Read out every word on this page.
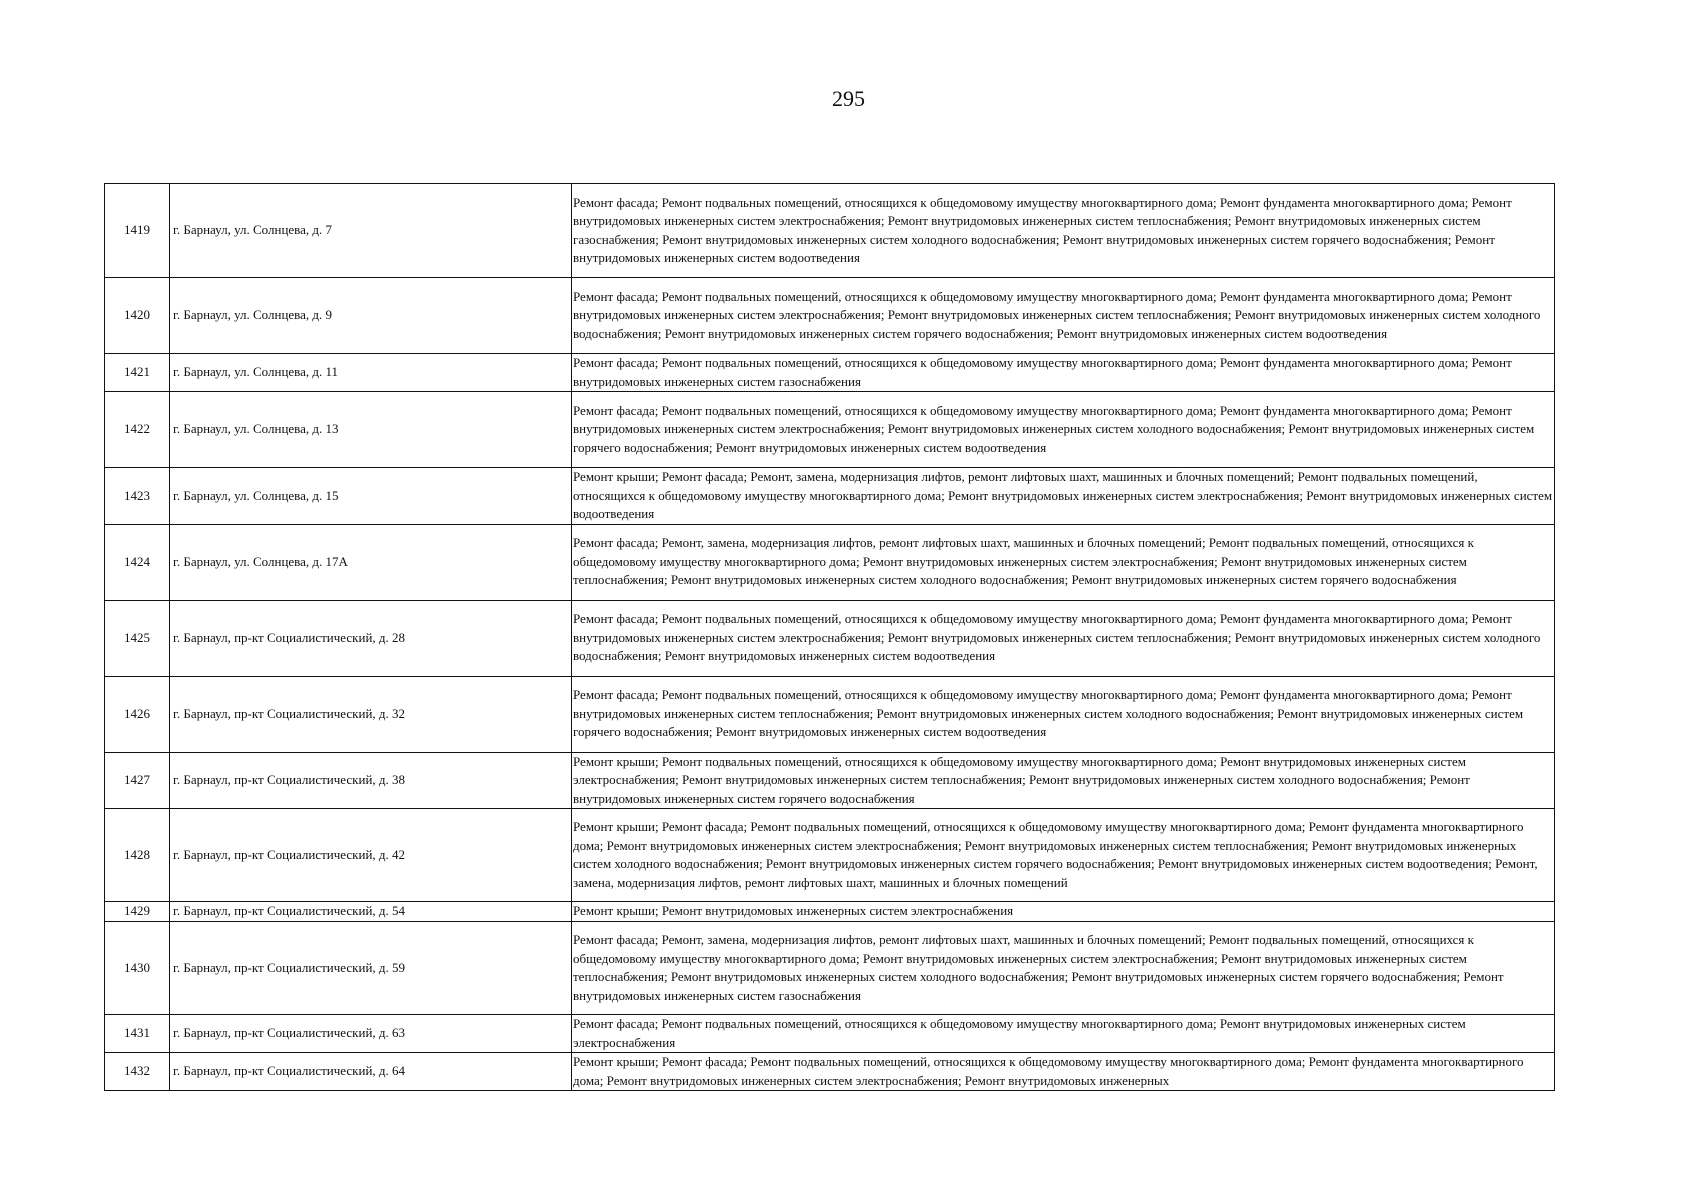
295
1419	г. Барнаул, ул. Солнцева, д. 7	Ремонт фасада; Ремонт подвальных помещений, относящихся к общедомовому имуществу многоквартирного дома; Ремонт фундамента многоквартирного дома; Ремонт внутридомовых инженерных систем электроснабжения; Ремонт внутридомовых инженерных систем теплоснабжения; Ремонт внутридомовых инженерных систем газоснабжения; Ремонт внутридомовых инженерных систем холодного водоснабжения; Ремонт внутридомовых инженерных систем горячего водоснабжения; Ремонт внутридомовых инженерных систем водоотведения
1420	г. Барнаул, ул. Солнцева, д. 9	Ремонт фасада; Ремонт подвальных помещений, относящихся к общедомовому имуществу многоквартирного дома; Ремонт фундамента многоквартирного дома; Ремонт внутридомовых инженерных систем электроснабжения; Ремонт внутридомовых инженерных систем теплоснабжения; Ремонт внутридомовых инженерных систем холодного водоснабжения; Ремонт внутридомовых инженерных систем горячего водоснабжения; Ремонт внутридомовых инженерных систем водоотведения
1421	г. Барнаул, ул. Солнцева, д. 11	Ремонт фасада; Ремонт подвальных помещений, относящихся к общедомовому имуществу многоквартирного дома; Ремонт фундамента многоквартирного дома; Ремонт внутридомовых инженерных систем газоснабжения
1422	г. Барнаул, ул. Солнцева, д. 13	Ремонт фасада; Ремонт подвальных помещений, относящихся к общедомовому имуществу многоквартирного дома; Ремонт фундамента многоквартирного дома; Ремонт внутридомовых инженерных систем электроснабжения; Ремонт внутридомовых инженерных систем холодного водоснабжения; Ремонт внутридомовых инженерных систем горячего водоснабжения; Ремонт внутридомовых инженерных систем водоотведения
1423	г. Барнаул, ул. Солнцева, д. 15	Ремонт крыши; Ремонт фасада; Ремонт, замена, модернизация лифтов, ремонт лифтовых шахт, машинных и блочных помещений; Ремонт подвальных помещений, относящихся к общедомовому имуществу многоквартирного дома; Ремонт внутридомовых инженерных систем электроснабжения; Ремонт внутридомовых инженерных систем водоотведения
1424	г. Барнаул, ул. Солнцева, д. 17А	Ремонт фасада; Ремонт, замена, модернизация лифтов, ремонт лифтовых шахт, машинных и блочных помещений; Ремонт подвальных помещений, относящихся к общедомовому имуществу многоквартирного дома; Ремонт внутридомовых инженерных систем электроснабжения; Ремонт внутридомовых инженерных систем теплоснабжения; Ремонт внутридомовых инженерных систем холодного водоснабжения; Ремонт внутридомовых инженерных систем горячего водоснабжения
1425	г. Барнаул, пр-кт Социалистический, д. 28	Ремонт фасада; Ремонт подвальных помещений, относящихся к общедомовому имуществу многоквартирного дома; Ремонт фундамента многоквартирного дома; Ремонт внутридомовых инженерных систем электроснабжения; Ремонт внутридомовых инженерных систем теплоснабжения; Ремонт внутридомовых инженерных систем холодного водоснабжения; Ремонт внутридомовых инженерных систем водоотведения
1426	г. Барнаул, пр-кт Социалистический, д. 32	Ремонт фасада; Ремонт подвальных помещений, относящихся к общедомовому имуществу многоквартирного дома; Ремонт фундамента многоквартирного дома; Ремонт внутридомовых инженерных систем теплоснабжения; Ремонт внутридомовых инженерных систем холодного водоснабжения; Ремонт внутридомовых инженерных систем горячего водоснабжения; Ремонт внутридомовых инженерных систем водоотведения
1427	г. Барнаул, пр-кт Социалистический, д. 38	Ремонт крыши; Ремонт подвальных помещений, относящихся к общедомовому имуществу многоквартирного дома; Ремонт внутридомовых инженерных систем электроснабжения; Ремонт внутридомовых инженерных систем теплоснабжения; Ремонт внутридомовых инженерных систем холодного водоснабжения; Ремонт внутридомовых инженерных систем горячего водоснабжения
1428	г. Барнаул, пр-кт Социалистический, д. 42	Ремонт крыши; Ремонт фасада; Ремонт подвальных помещений, относящихся к общедомовому имуществу многоквартирного дома; Ремонт фундамента многоквартирного дома; Ремонт внутридомовых инженерных систем электроснабжения; Ремонт внутридомовых инженерных систем теплоснабжения; Ремонт внутридомовых инженерных систем холодного водоснабжения; Ремонт внутридомовых инженерных систем горячего водоснабжения; Ремонт внутридомовых инженерных систем водоотведения; Ремонт, замена, модернизация лифтов, ремонт лифтовых шахт, машинных и блочных помещений
1429	г. Барнаул, пр-кт Социалистический, д. 54	Ремонт крыши; Ремонт внутридомовых инженерных систем электроснабжения
1430	г. Барнаул, пр-кт Социалистический, д. 59	Ремонт фасада; Ремонт, замена, модернизация лифтов, ремонт лифтовых шахт, машинных и блочных помещений; Ремонт подвальных помещений, относящихся к общедомовому имуществу многоквартирного дома; Ремонт внутридомовых инженерных систем электроснабжения; Ремонт внутридомовых инженерных систем теплоснабжения; Ремонт внутридомовых инженерных систем холодного водоснабжения; Ремонт внутридомовых инженерных систем горячего водоснабжения; Ремонт внутридомовых инженерных систем газоснабжения
1431	г. Барнаул, пр-кт Социалистический, д. 63	Ремонт фасада; Ремонт подвальных помещений, относящихся к общедомовому имуществу многоквартирного дома; Ремонт внутридомовых инженерных систем электроснабжения
1432	г. Барнаул, пр-кт Социалистический, д. 64	Ремонт крыши; Ремонт фасада; Ремонт подвальных помещений, относящихся к общедомовому имуществу многоквартирного дома; Ремонт фундамента многоквартирного дома; Ремонт внутридомовых инженерных систем электроснабжения; Ремонт внутридомовых инженерных
